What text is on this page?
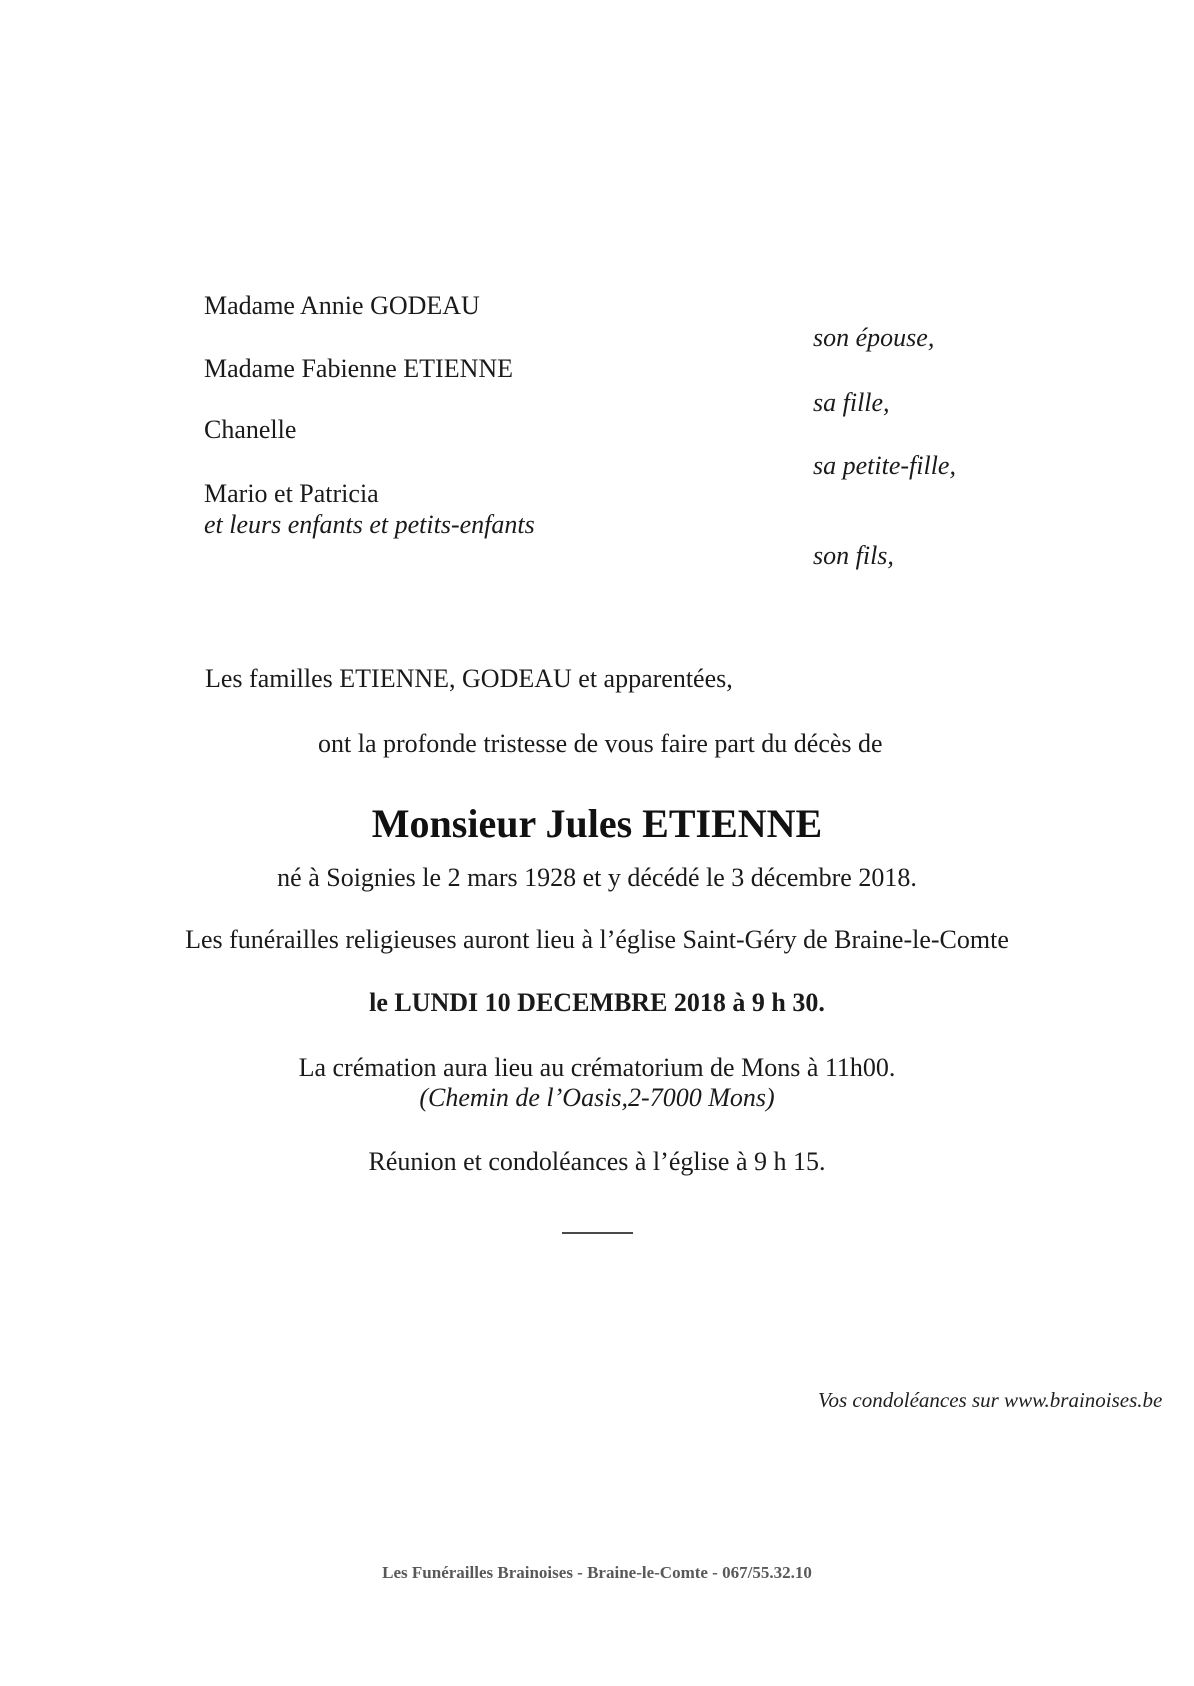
Madame Annie GODEAU
son épouse,
Madame Fabienne ETIENNE
sa fille,
Chanelle
sa petite-fille,
Mario et Patricia
et leurs enfants et petits-enfants
son fils,
Les familles ETIENNE, GODEAU et apparentées,
ont la profonde tristesse de vous faire part du décès de
Monsieur Jules ETIENNE
né à Soignies le 2 mars 1928 et y décédé le 3 décembre 2018.
Les funérailles religieuses auront lieu à l’église Saint-Géry de Braine-le-Comte
le LUNDI 10 DECEMBRE 2018 à 9 h 30.
La crémation aura lieu au crématorium de Mons à 11h00.
(Chemin de l’Oasis,2-7000 Mons)
Réunion et condoléances à l’église à 9 h 15.
Vos condoléances sur www.brainoises.be
Les Funérailles Brainoises - Braine-le-Comte - 067/55.32.10
